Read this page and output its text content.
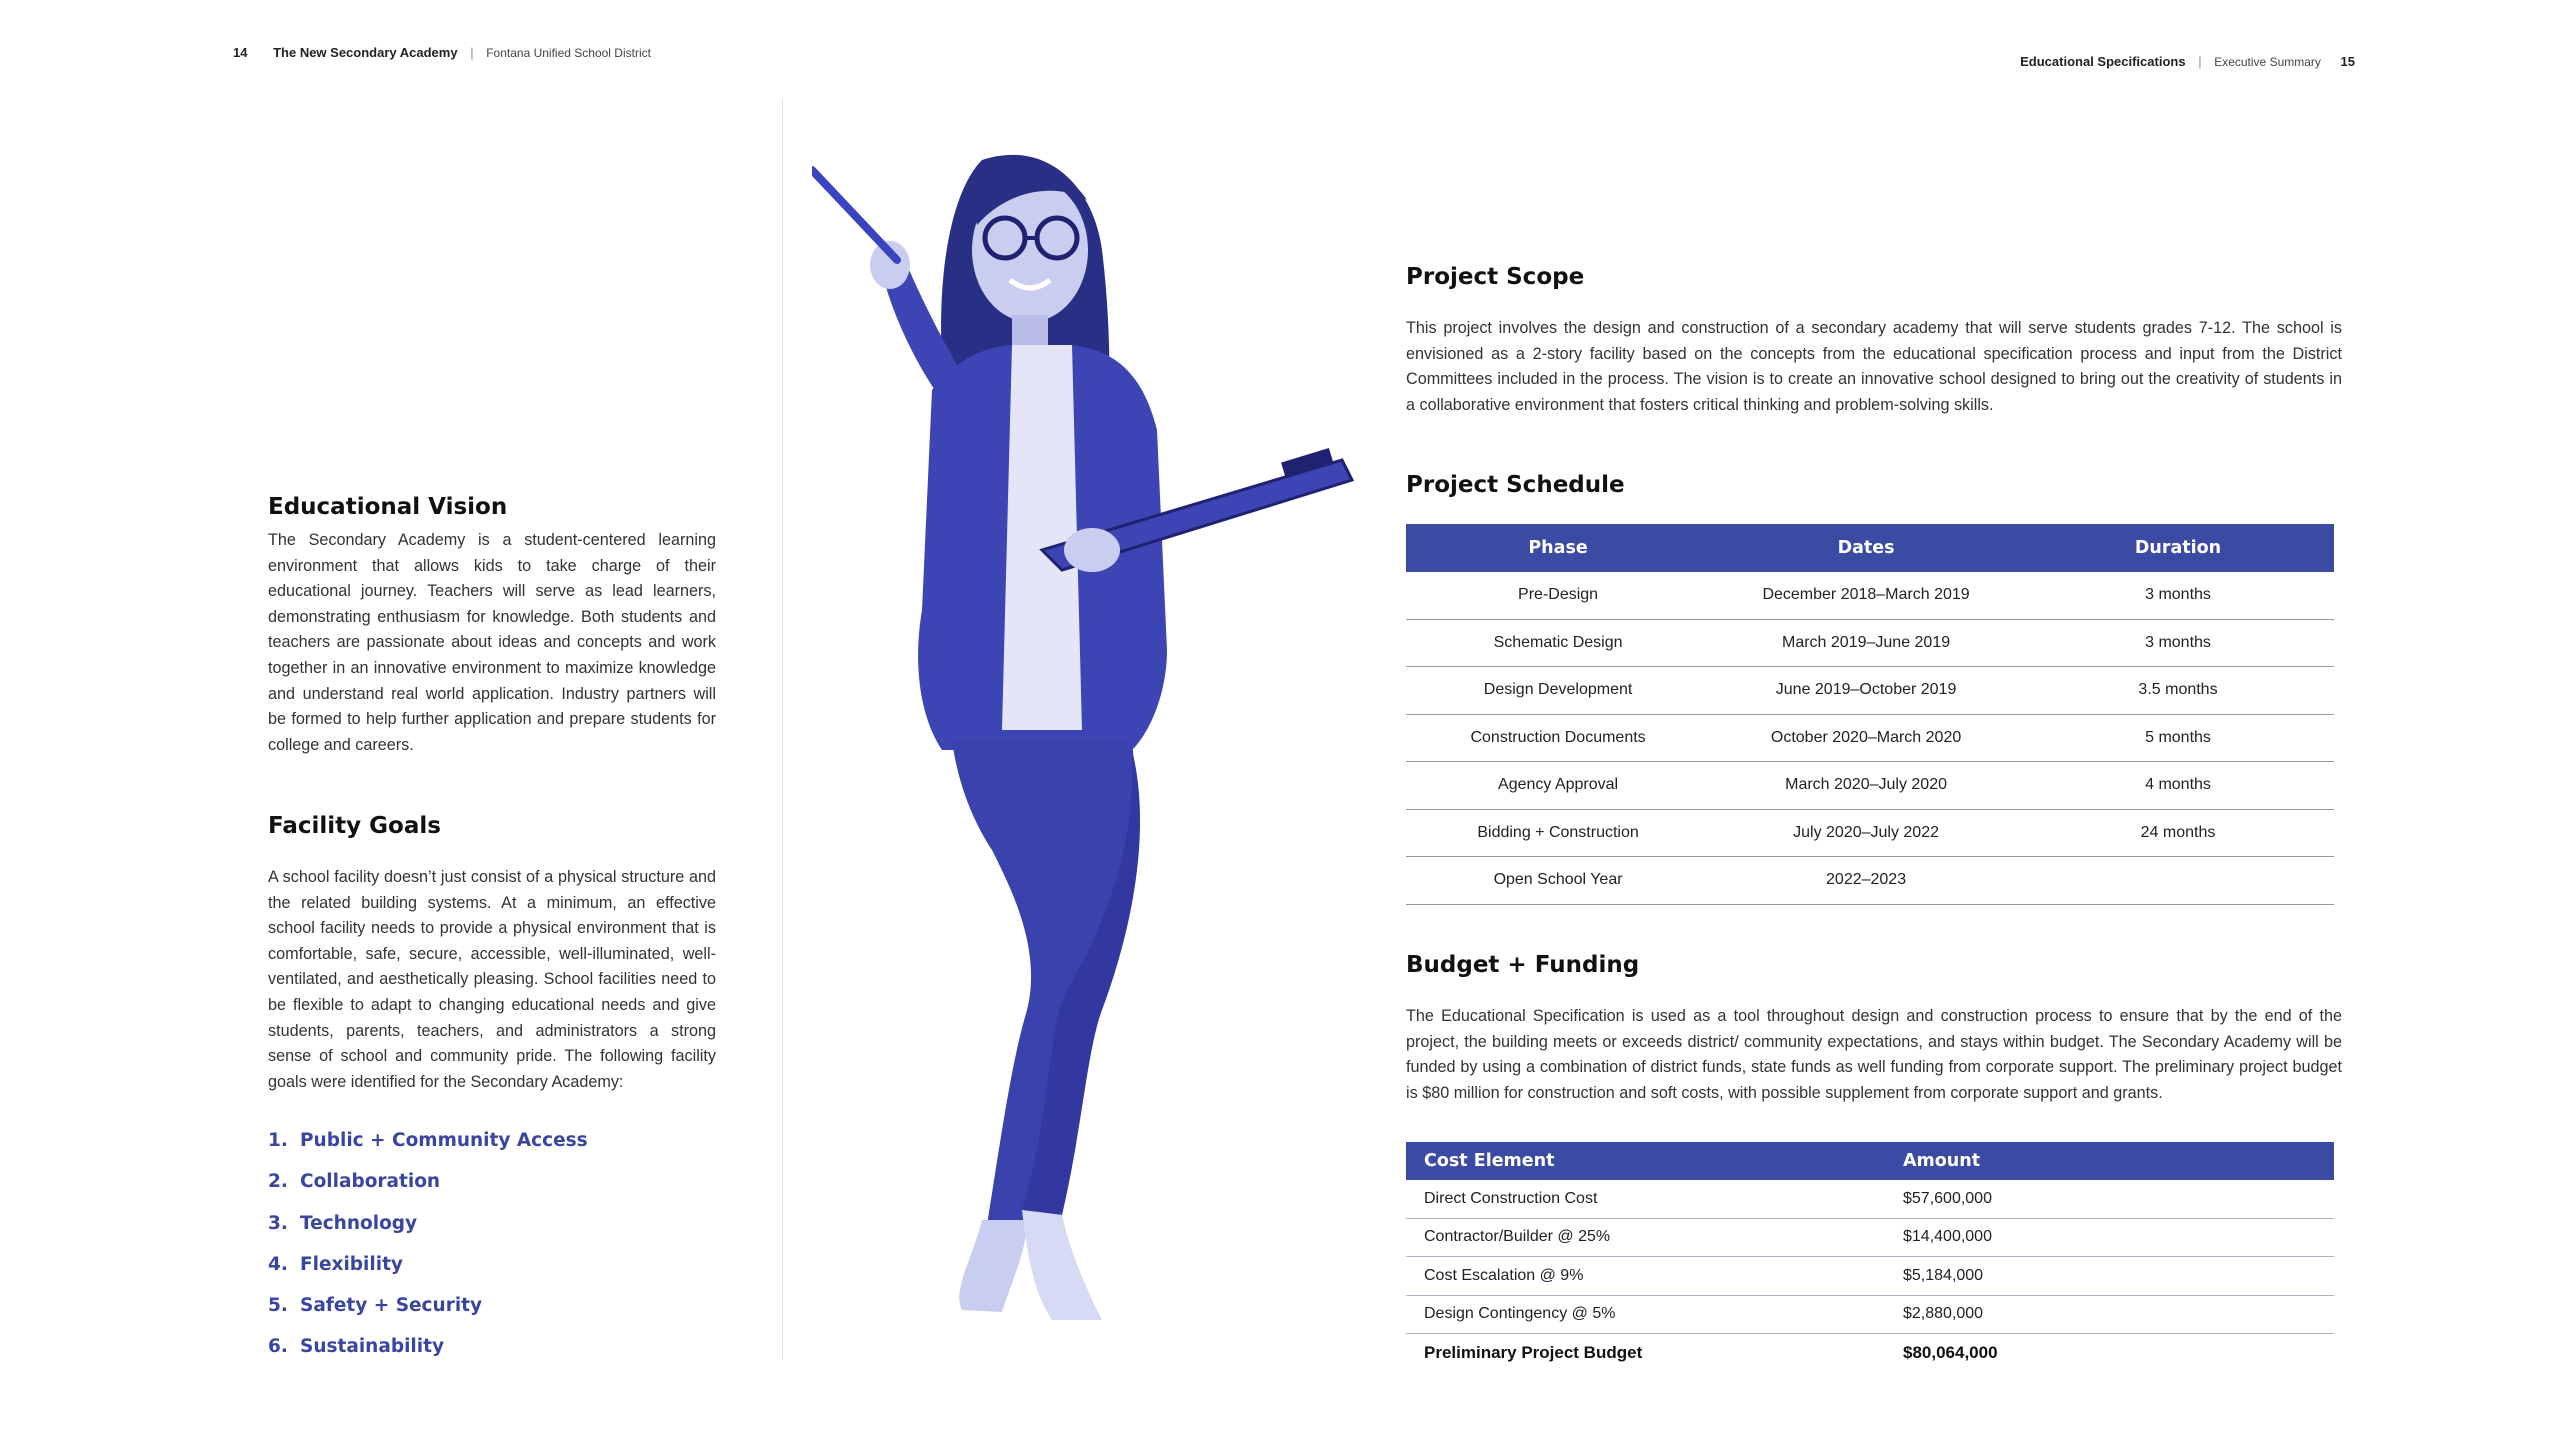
14 The New Secondary Academy | Fontana Unified School District
Educational Specifications | Executive Summary 15
Educational Vision

The Secondary Academy is a student-centered learning environment that allows kids to take charge of their educational journey. Teachers will serve as lead learners, demonstrating enthusiasm for knowledge. Both students and teachers are passionate about ideas and concepts and work together in an innovative environment to maximize knowledge and understand real world application. Industry partners will be formed to help further application and prepare students for college and careers.

Facility Goals

A school facility doesn’t just consist of a physical structure and the related building systems. At a minimum, an effective school facility needs to provide a physical environment that is comfortable, safe, secure, accessible, well-illuminated, well-ventilated, and aesthetically pleasing. School facilities need to be flexible to adapt to changing educational needs and give students, parents, teachers, and administrators a strong sense of school and community pride. The following facility goals were identified for the Secondary Academy:

1. Public + Community Access
2. Collaboration
3. Technology
4. Flexibility
5. Safety + Security
6. Sustainability
Project Scope

This project involves the design and construction of a secondary academy that will serve students grades 7-12. The school is envisioned as a 2-story facility based on the concepts from the educational specification process and input from the District Committees included in the process. The vision is to create an innovative school designed to bring out the creativity of students in a collaborative environment that fosters critical thinking and problem-solving skills.

Project Schedule
Phase	Dates	Duration
Pre-Design	December 2018–March 2019	3 months
Schematic Design	March 2019–June 2019	3 months
Design Development	June 2019–October 2019	3.5 months
Construction Documents	October 2020–March 2020	5 months
Agency Approval	March 2020–July 2020	4 months
Bidding + Construction	July 2020–July 2022	24 months
Open School Year	2022–2023	
Budget + Funding

The Educational Specification is used as a tool throughout design and construction process to ensure that by the end of the project, the building meets or exceeds district/ community expectations, and stays within budget. The Secondary Academy will be funded by using a combination of district funds, state funds as well funding from corporate support. The preliminary project budget is $80 million for construction and soft costs, with possible supplement from corporate support and grants.

Cost Element	Amount
Direct Construction Cost	$57,600,000
Contractor/Builder @ 25%	$14,400,000
Cost Escalation @ 9%	$5,184,000
Design Contingency @ 5%	$2,880,000
Preliminary Project Budget	$80,064,000
